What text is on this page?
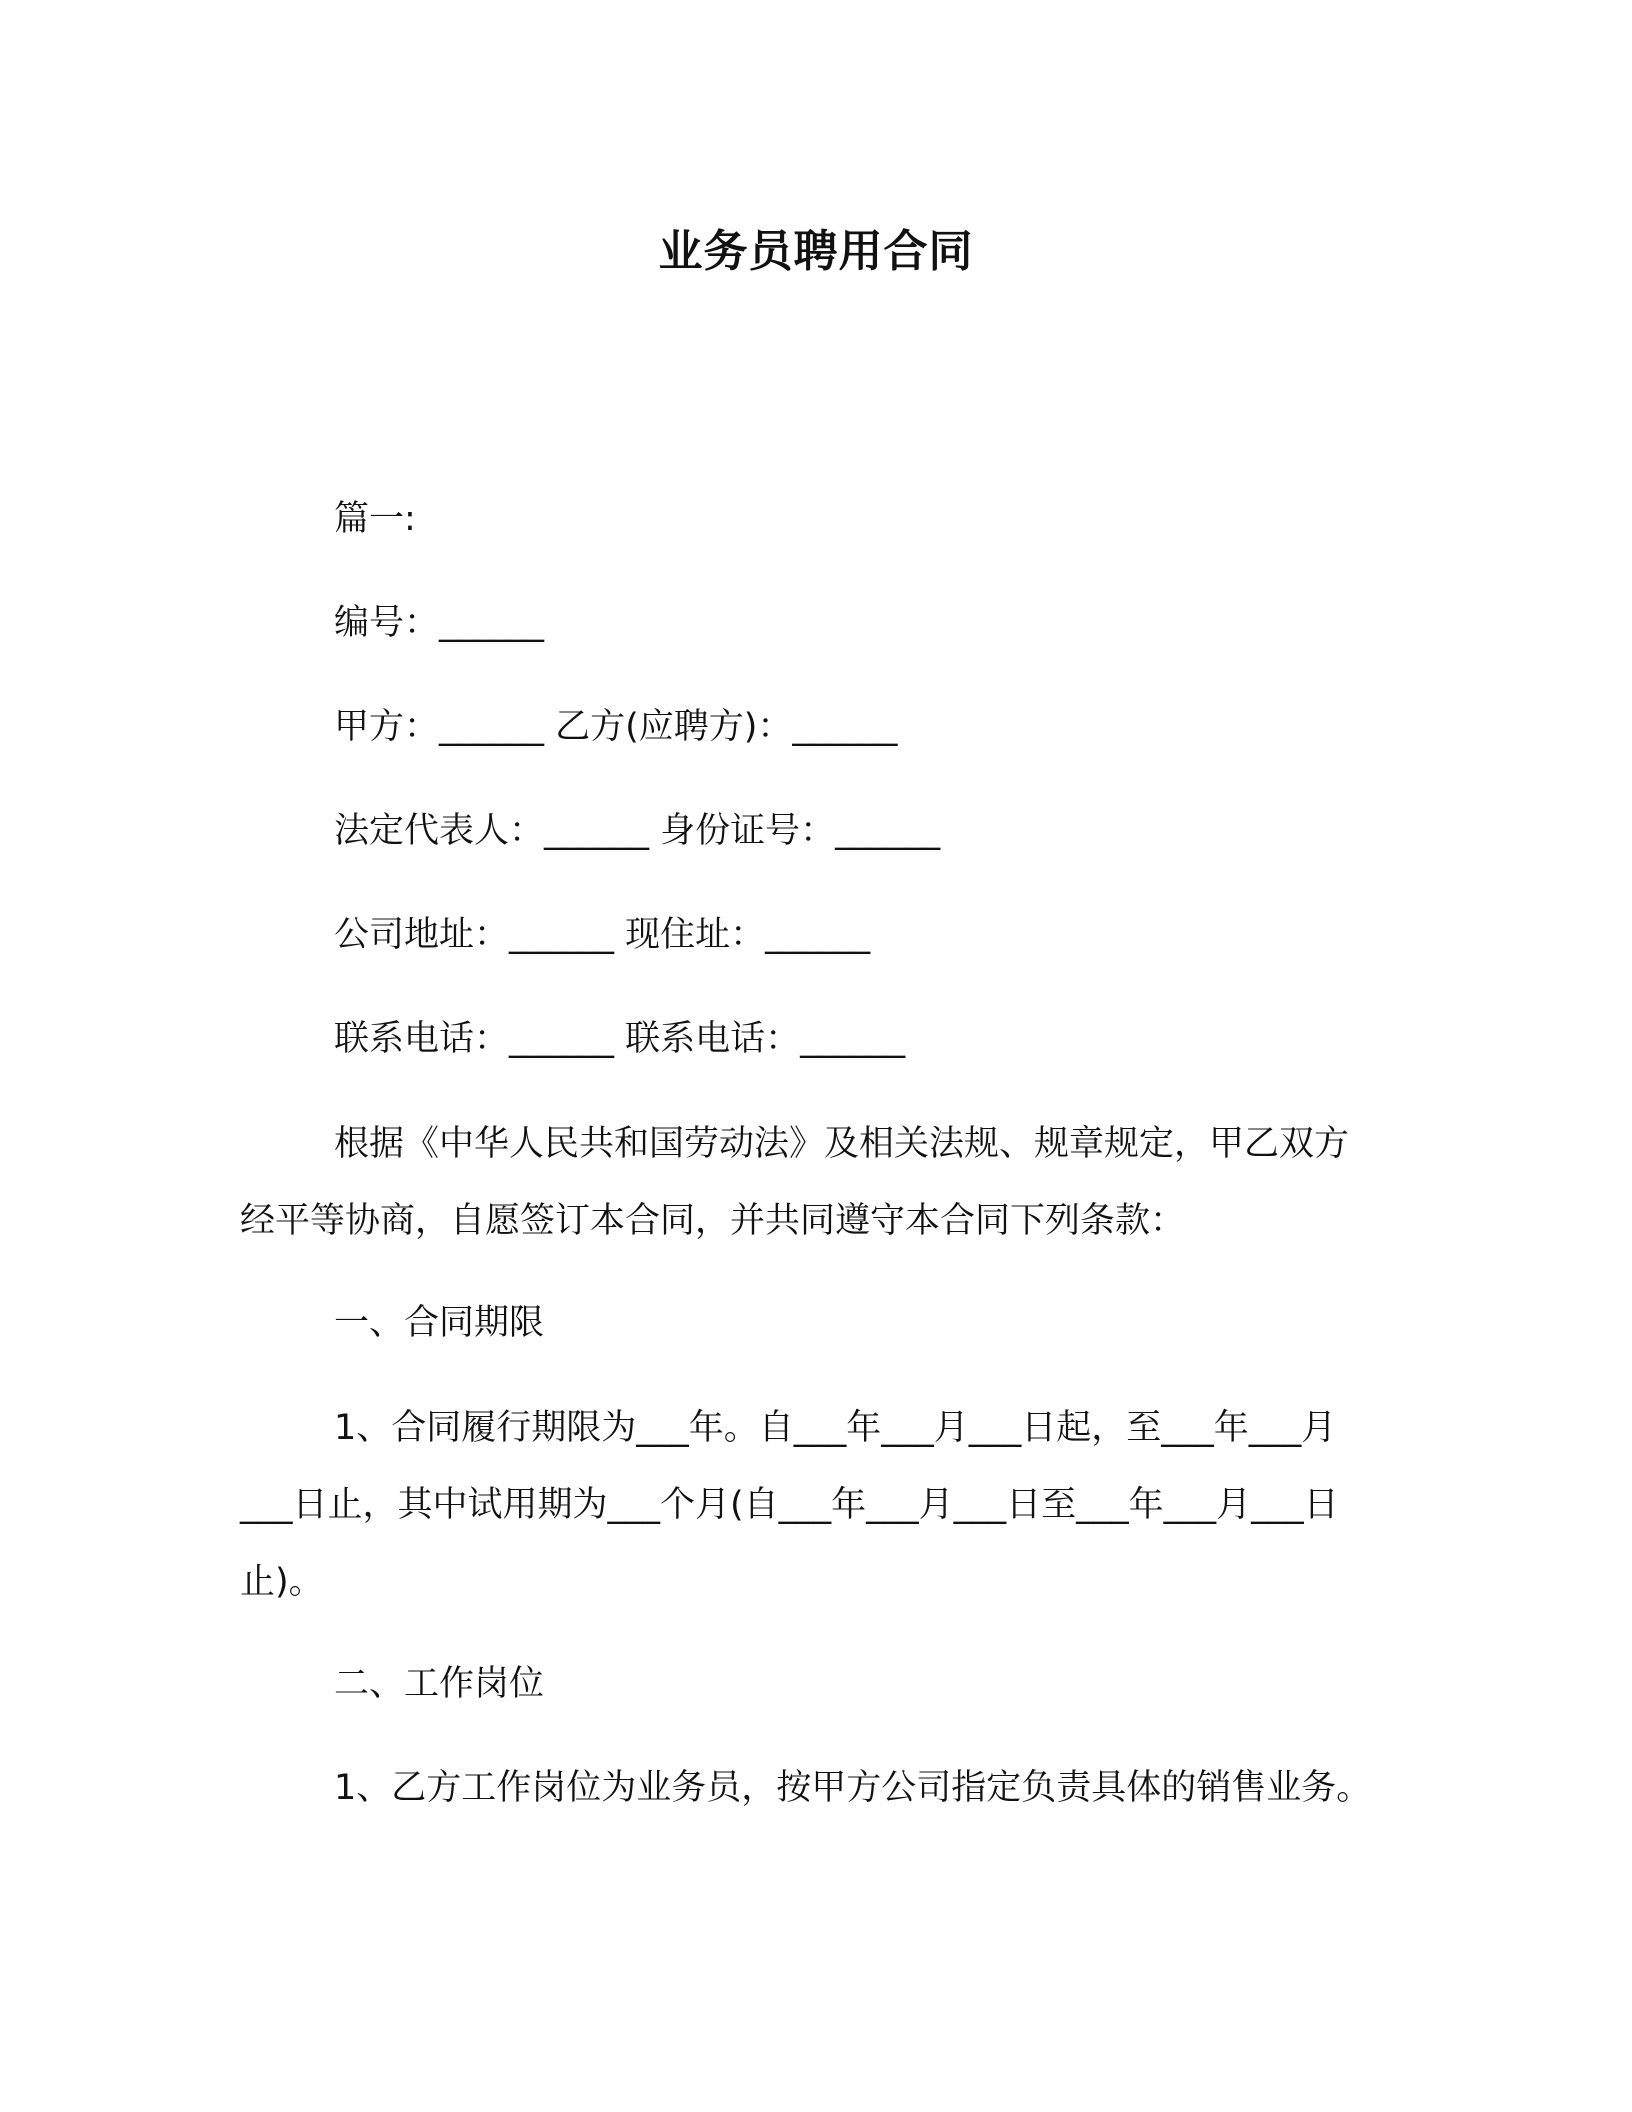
业务员聘用合同
篇一:
编号：______
甲方：______ 乙方(应聘方)：______
法定代表人：______ 身份证号：______
公司地址：______ 现住址：______
联系电话：______ 联系电话：______
根据《中华人民共和国劳动法》及相关法规、规章规定，甲乙双方经平等协商，自愿签订本合同，并共同遵守本合同下列条款：
一、合同期限
1、合同履行期限为___年。自___年___月___日起，至___年___月___日止，其中试用期为___个月(自___年___月___日至___年___月___日止)。
二、工作岗位
1、乙方工作岗位为业务员，按甲方公司指定负责具体的销售业务。
